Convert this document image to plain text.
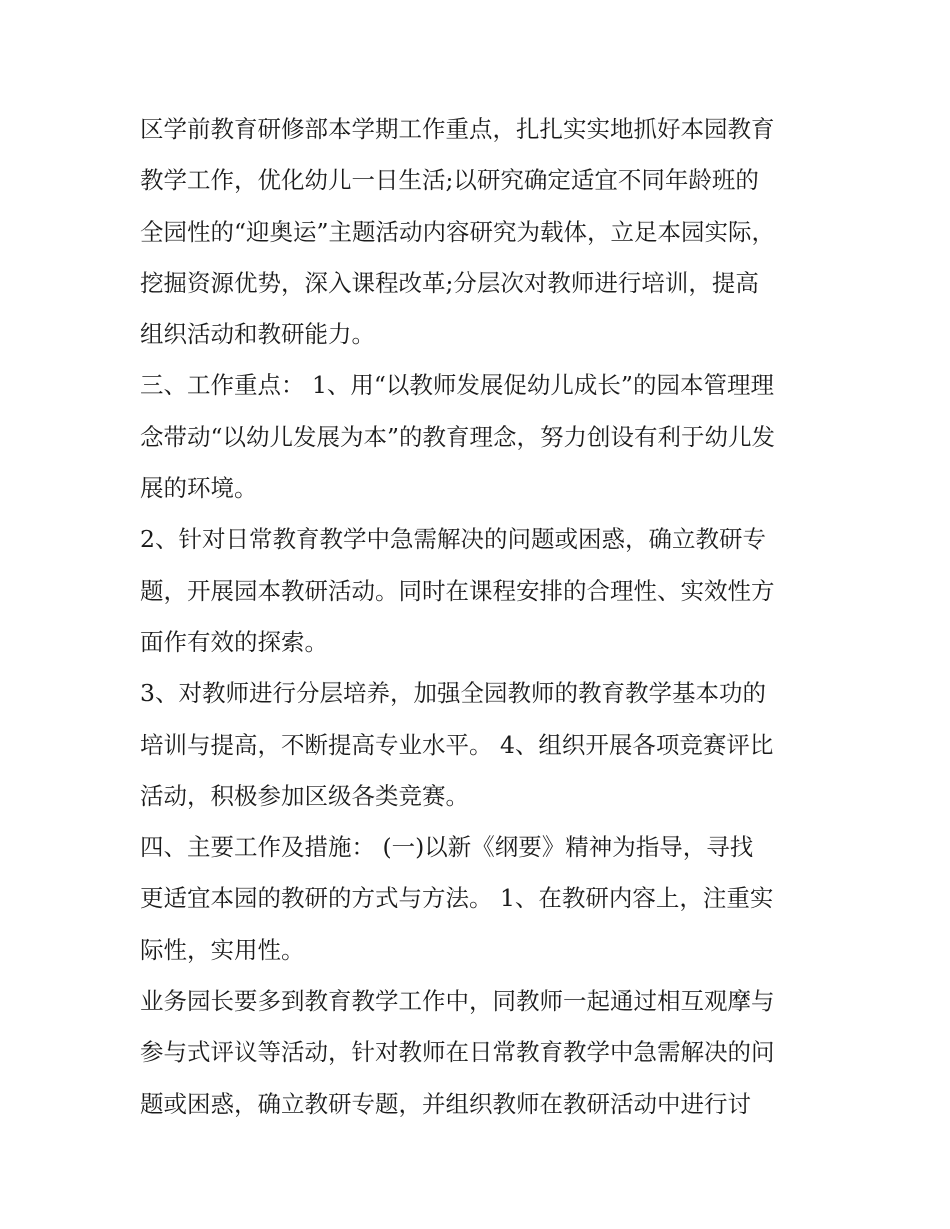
区学前教育研修部本学期工作重点，扎扎实实地抓好本园教育
教学工作，优化幼儿一日生活;以研究确定适宜不同年龄班的
全园性的“迎奥运”主题活动内容研究为载体，立足本园实际，
挖掘资源优势，深入课程改革;分层次对教师进行培训，提高
组织活动和教研能力。
三、工作重点： 1、用“以教师发展促幼儿成长”的园本管理理
念带动“以幼儿发展为本”的教育理念，努力创设有利于幼儿发
展的环境。
2、针对日常教育教学中急需解决的问题或困惑，确立教研专
题，开展园本教研活动。同时在课程安排的合理性、实效性方
面作有效的探索。
3、对教师进行分层培养，加强全园教师的教育教学基本功的
培训与提高，不断提高专业水平。 4、组织开展各项竞赛评比
活动，积极参加区级各类竞赛。
四、主要工作及措施： (一)以新《纲要》精神为指导，寻找
更适宜本园的教研的方式与方法。 1、在教研内容上，注重实
际性，实用性。
业务园长要多到教育教学工作中，同教师一起通过相互观摩与
参与式评议等活动，针对教师在日常教育教学中急需解决的问
题或困惑，确立教研专题，并组织教师在教研活动中进行讨
